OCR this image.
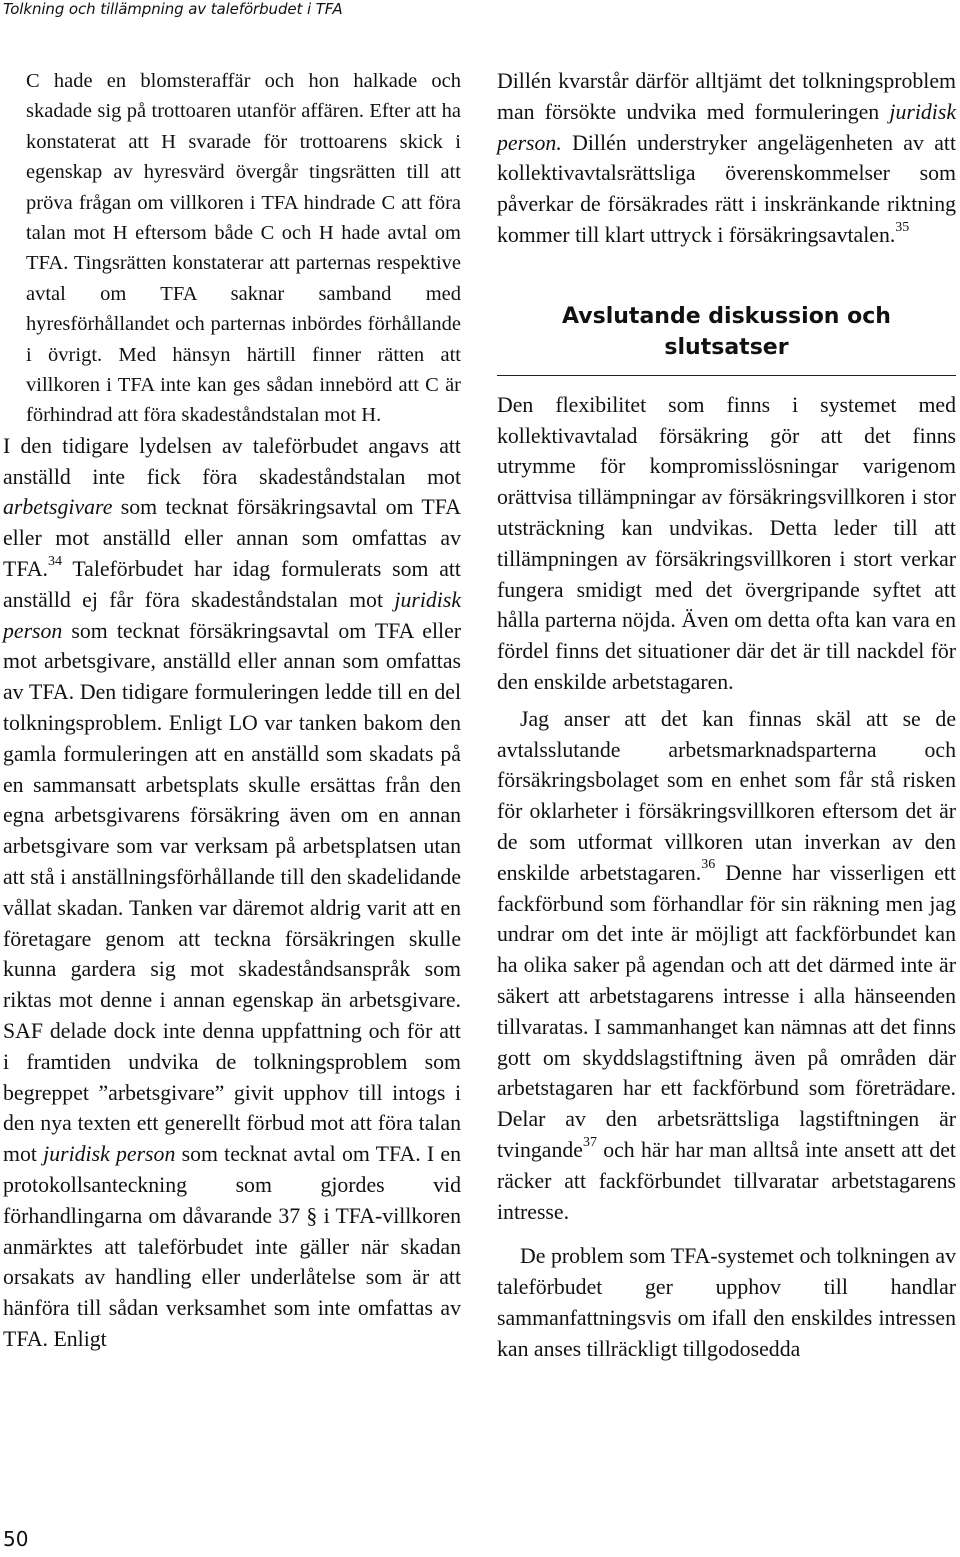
Tolkning och tillämpning av taleförbudet i TFA

C hade en blomsteraffär och hon halkade och skadade sig på trottoaren utanför affären. Efter att ha konstaterat att H svarade för trottoarens skick i egenskap av hyresvärd övergår tingsrätten till att pröva frågan om villkoren i TFA hindrade C att föra talan mot H eftersom både C och H hade avtal om TFA. Tingsrätten konstaterar att parternas respektive avtal om TFA saknar samband med hyresförhållandet och parternas inbördes förhållande i övrigt. Med hänsyn härtill finner rätten att villkoren i TFA inte kan ges sådan innebörd att C är förhindrad att föra skadeståndstalan mot H.

I den tidigare lydelsen av taleförbudet angavs att anställd inte fick föra skadeståndstalan mot arbetsgivare som tecknat försäkringsavtal om TFA eller mot anställd eller annan som omfattas av TFA.$^{34}$ Taleförbudet har idag formulerats som att anställd ej får föra skadeståndstalan mot juridisk person som tecknat försäkringsavtal om TFA eller mot arbetsgivare, anställd eller annan som omfattas av TFA. Den tidigare formuleringen ledde till en del tolkningsproblem. Enligt LO var tanken bakom den gamla formuleringen att en anställd som skadats på en sammansatt arbetsplats skulle ersättas från den egna arbetsgivarens försäkring även om en annan arbetsgivare som var verksam på arbetsplatsen utan att stå i anställningsförhållande till den skadelidande vållat skadan. Tanken var däremot aldrig varit att en företagare genom att teckna försäkringen skulle kunna gardera sig mot skadeståndsanspråk som riktas mot denne i annan egenskap än arbetsgivare. SAF delade dock inte denna uppfattning och för att i framtiden undvika de tolkningsproblem som begreppet ”arbetsgivare” givit upphov till intogs i den nya texten ett generellt förbud mot att föra talan mot juridisk person som tecknat avtal om TFA. I en protokollsanteckning som gjordes vid förhandlingarna om dåvarande 37 § i TFA-villkoren anmärktes att taleförbudet inte gäller när skadan orsakats av handling eller underlåtelse som är att hänföra till sådan verksamhet som inte omfattas av TFA. Enligt

Dillén kvarstår därför alltjämt det tolkningsproblem man försökte undvika med formuleringen juridisk person. Dillén understryker angelägenheten av att kollektivavtalsrättsliga överenskommelser som påverkar de försäkrades rätt i inskränkande riktning kommer till klart uttryck i försäkringsavtalen.$^{35}$

Avslutande diskussion och slutsatser

Den flexibilitet som finns i systemet med kollektivavtalad försäkring gör att det finns utrymme för kompromisslösningar varigenom orättvisa tillämpningar av försäkringsvillkoren i stor utsträckning kan undvikas. Detta leder till att tillämpningen av försäkringsvillkoren i stort verkar fungera smidigt med det övergripande syftet att hålla parterna nöjda. Även om detta ofta kan vara en fördel finns det situationer där det är till nackdel för den enskilde arbetstagaren.

Jag anser att det kan finnas skäl att se de avtalsslutande arbetsmarknadsparterna och försäkringsbolaget som en enhet som får stå risken för oklarheter i försäkringsvillkoren eftersom det är de som utformat villkoren utan inverkan av den enskilde arbetstagaren.$^{36}$ Denne har visserligen ett fackförbund som förhandlar för sin räkning men jag undrar om det inte är möjligt att fackförbundet kan ha olika saker på agendan och att det därmed inte är säkert att arbetstagarens intresse i alla hänseenden tillvaratas. I sammanhanget kan nämnas att det finns gott om skyddslagstiftning även på områden där arbetstagaren har ett fackförbund som företrädare. Delar av den arbetsrättsliga lagstiftningen är tvingande$^{37}$ och här har man alltså inte ansett att det räcker att fackförbundet tillvaratar arbetstagarens intresse.

De problem som TFA-systemet och tolkningen av taleförbudet ger upphov till handlar sammanfattningsvis om ifall den enskildes intressen kan anses tillräckligt tillgodosedda

50
